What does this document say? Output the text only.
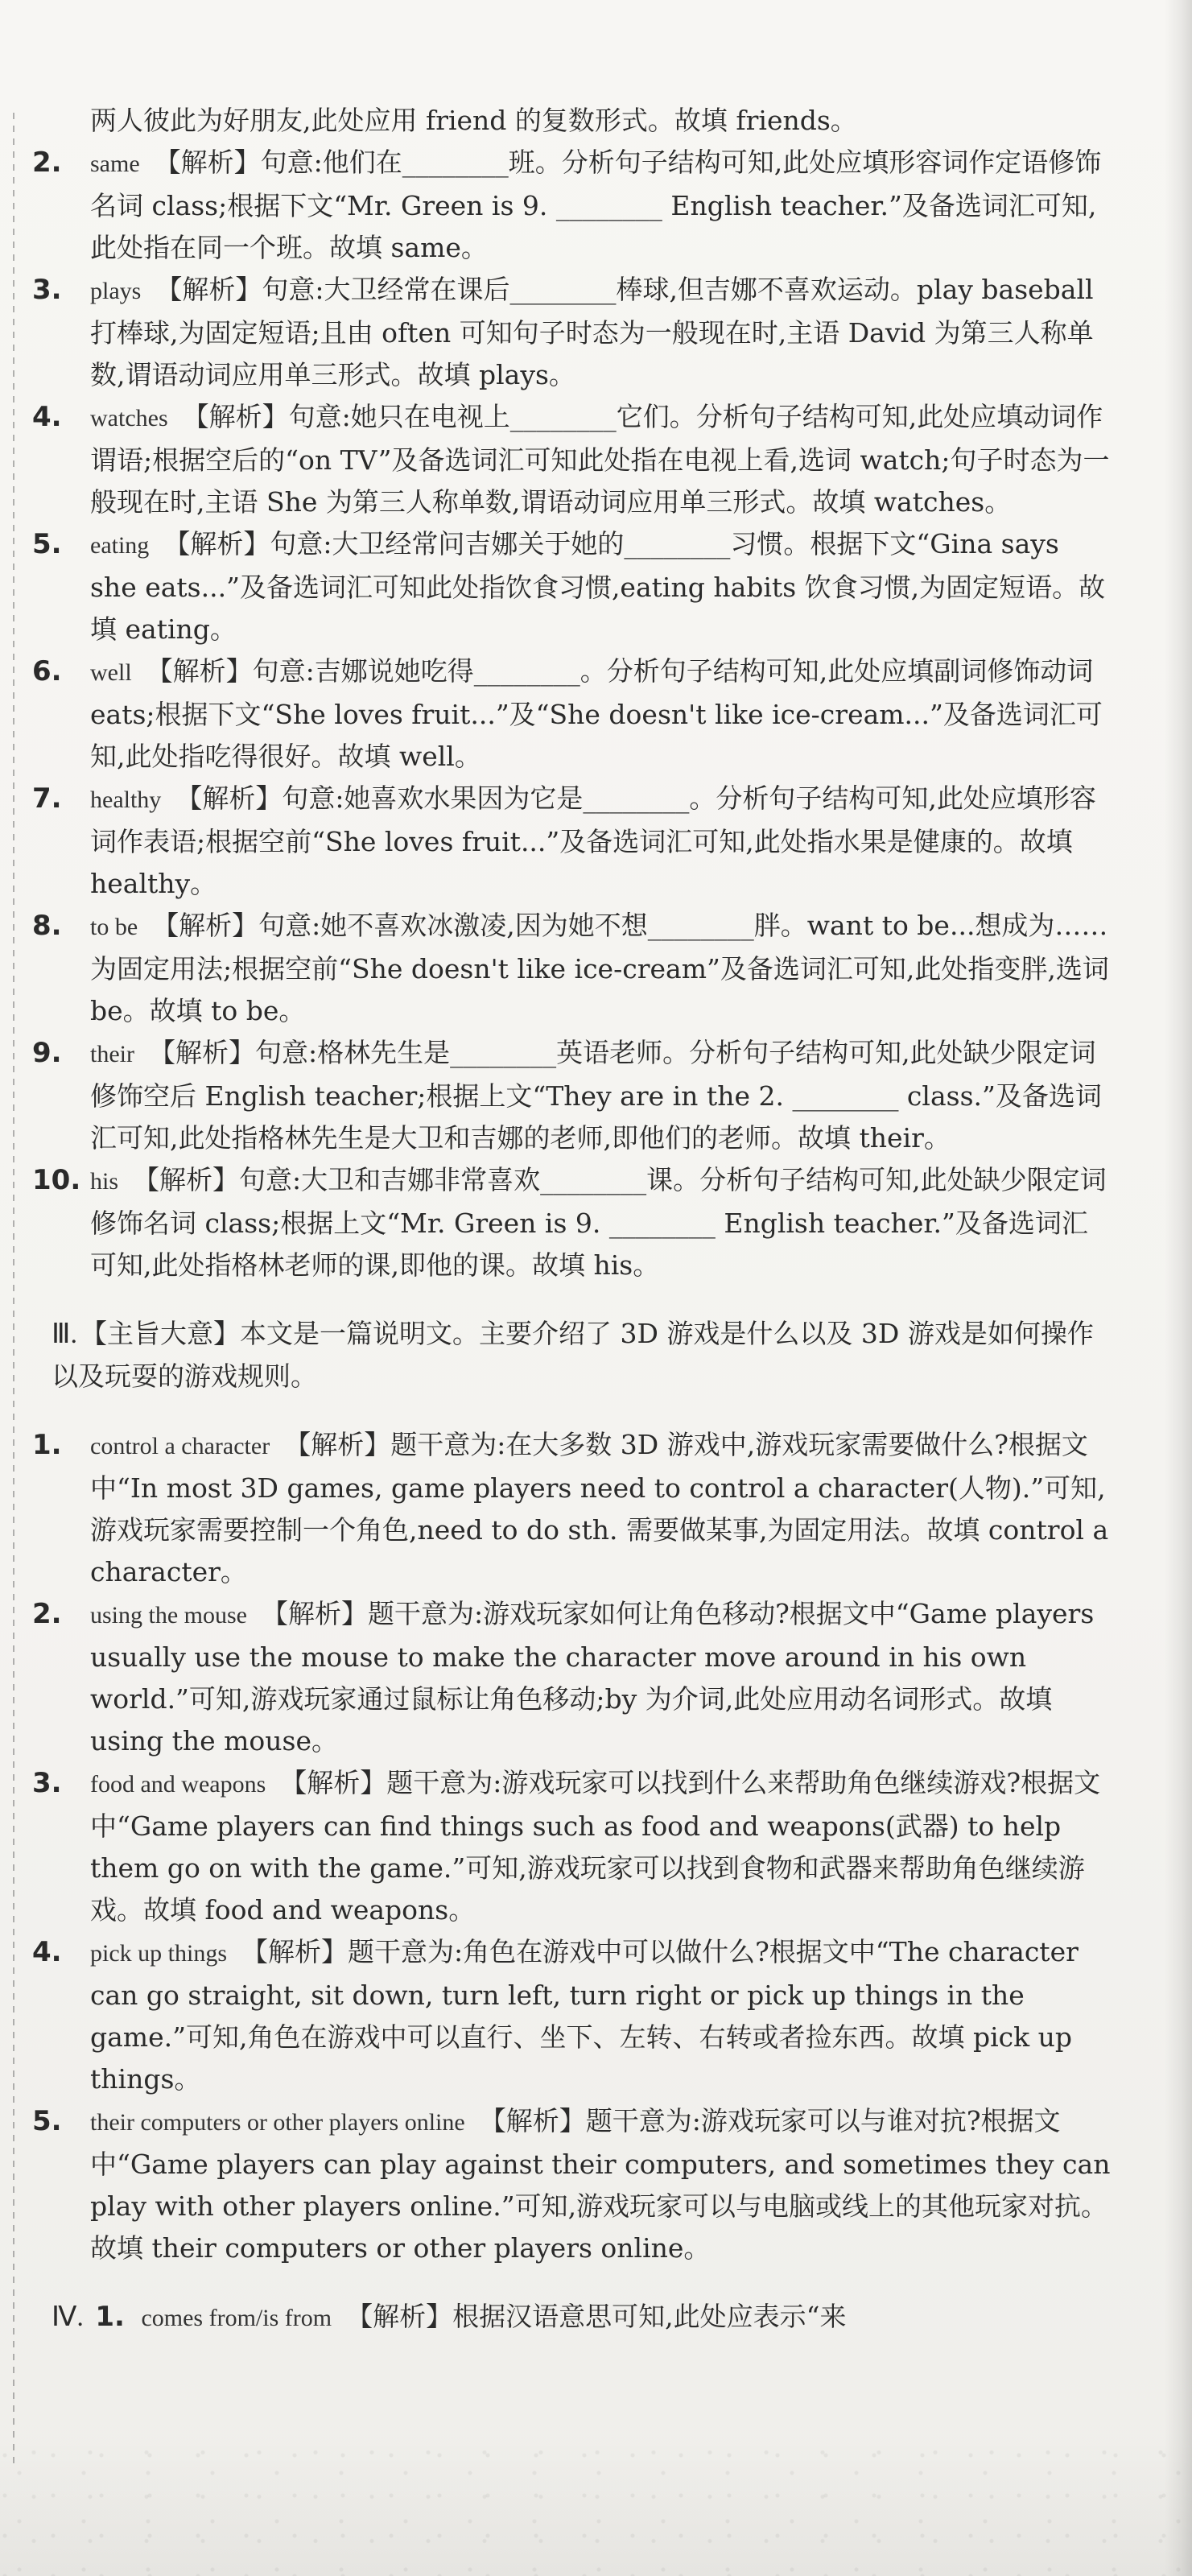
两人彼此为好朋友,此处应用 friend 的复数形式。故填 friends。

2. same 【解析】句意:他们在________班。分析句子结构可知,此处应填形容词作定语修饰名词 class;根据下文“Mr. Green is 9. ________ English teacher.”及备选词汇可知,此处指在同一个班。故填 same。

3. plays 【解析】句意:大卫经常在课后________棒球,但吉娜不喜欢运动。play baseball 打棒球,为固定短语;且由 often 可知句子时态为一般现在时,主语 David 为第三人称单数,谓语动词应用单三形式。故填 plays。

4. watches 【解析】句意:她只在电视上________它们。分析句子结构可知,此处应填动词作谓语;根据空后的“on TV”及备选词汇可知此处指在电视上看,选词 watch;句子时态为一般现在时,主语 She 为第三人称单数,谓语动词应用单三形式。故填 watches。

5. eating 【解析】句意:大卫经常问吉娜关于她的________习惯。根据下文“Gina says she eats...”及备选词汇可知此处指饮食习惯,eating habits 饮食习惯,为固定短语。故填 eating。

6. well 【解析】句意:吉娜说她吃得________。分析句子结构可知,此处应填副词修饰动词 eats;根据下文“She loves fruit...”及“She doesn't like ice-cream...”及备选词汇可知,此处指吃得很好。故填 well。

7. healthy 【解析】句意:她喜欢水果因为它是________。分析句子结构可知,此处应填形容词作表语;根据空前“She loves fruit...”及备选词汇可知,此处指水果是健康的。故填 healthy。

8. to be 【解析】句意:她不喜欢冰激凌,因为她不想________胖。want to be...想成为……为固定用法;根据空前“She doesn't like ice-cream”及备选词汇可知,此处指变胖,选词 be。故填 to be。

9. their 【解析】句意:格林先生是________英语老师。分析句子结构可知,此处缺少限定词修饰空后 English teacher;根据上文“They are in the 2. ________ class.”及备选词汇可知,此处指格林先生是大卫和吉娜的老师,即他们的老师。故填 their。

10. his 【解析】句意:大卫和吉娜非常喜欢________课。分析句子结构可知,此处缺少限定词修饰名词 class;根据上文“Mr. Green is 9. ________ English teacher.”及备选词汇可知,此处指格林老师的课,即他的课。故填 his。

Ⅲ. 【主旨大意】本文是一篇说明文。主要介绍了 3D 游戏是什么以及 3D 游戏是如何操作以及玩耍的游戏规则。

1. control a character 【解析】题干意为:在大多数 3D 游戏中,游戏玩家需要做什么?根据文中“In most 3D games, game players need to control a character(人物).”可知,游戏玩家需要控制一个角色,need to do sth. 需要做某事,为固定用法。故填 control a character。

2. using the mouse 【解析】题干意为:游戏玩家如何让角色移动?根据文中“Game players usually use the mouse to make the character move around in his own world.”可知,游戏玩家通过鼠标让角色移动;by 为介词,此处应用动名词形式。故填 using the mouse。

3. food and weapons 【解析】题干意为:游戏玩家可以找到什么来帮助角色继续游戏?根据文中“Game players can find things such as food and weapons(武器) to help them go on with the game.”可知,游戏玩家可以找到食物和武器来帮助角色继续游戏。故填 food and weapons。

4. pick up things 【解析】题干意为:角色在游戏中可以做什么?根据文中“The character can go straight, sit down, turn left, turn right or pick up things in the game.”可知,角色在游戏中可以直行、坐下、左转、右转或者捡东西。故填 pick up things。

5. their computers or other players online 【解析】题干意为:游戏玩家可以与谁对抗?根据文中“Game players can play against their computers, and sometimes they can play with other players online.”可知,游戏玩家可以与电脑或线上的其他玩家对抗。故填 their computers or other players online。

Ⅳ. 1. comes from/is from 【解析】根据汉语意思可知,此处应表示“来
